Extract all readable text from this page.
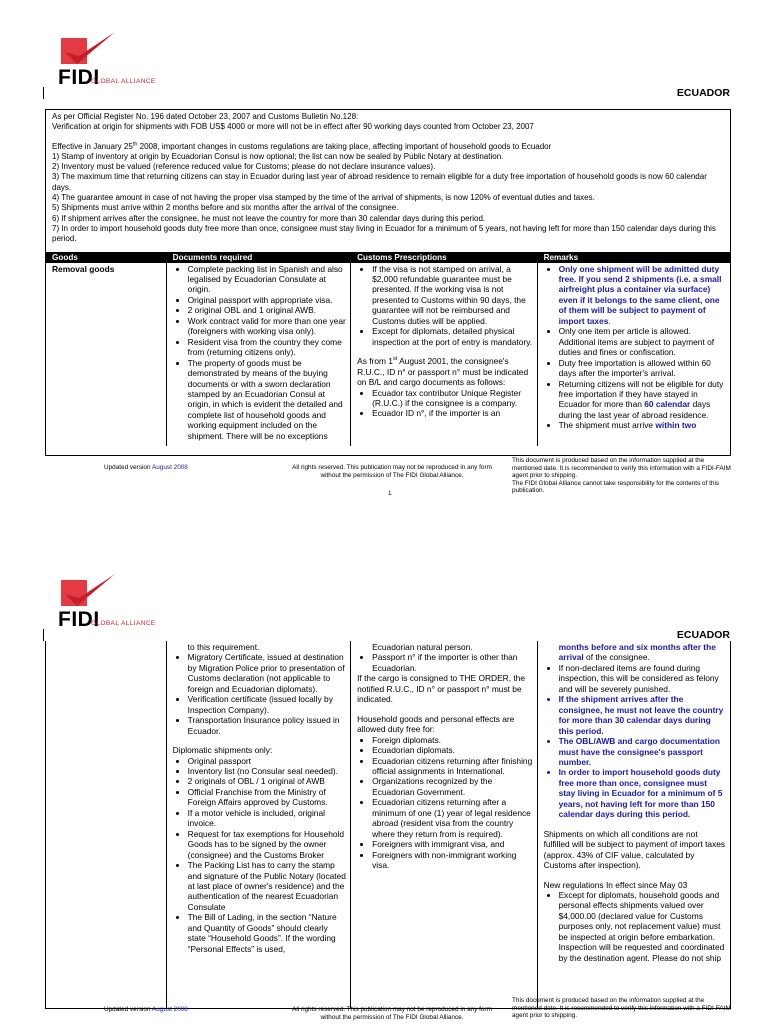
FIDI
GLOBAL ALLIANCE
ECUADOR

As per Official Register No. 196 dated October 23, 2007 and Customs Bulletin No.128:

Verification at origin for shipments with FOB US$ 4000 or more will not be in effect after 90 working days counted from October 23, 2007

Effective in January 25th 2008, important changes in customs regulations are taking place, affecting important of household goods to Ecuador

1) Stamp of inventory at origin by Ecuadorian Consul is now optional; the list can now be sealed by Public Notary at destination.

2) Inventory must be valued (reference reduced value for Customs; please do not declare insurance values).

3) The maximum time that returning citizens can stay in Ecuador during last year of abroad residence to remain eligible for a duty free importation of household goods is now 60 calendar days.

4) The guarantee amount in case of not having the proper visa stamped by the time of the arrival of shipments, is now 120% of eventual duties and taxes.

5) Shipments must arrive within 2 months before and six months after the arrival of the consignee.

6) If shipment arrives after the consignee, he must not leave the country for more than 30 calendar days during this period.

7) In order to import household goods duty free more than once, consignee must stay living in Ecuador for a minimum of 5 years, not having left for more than 150 calendar days during this period.

Goods	Documents required	Customs Prescriptions	Remarks

Removal goods

•	Complete packing list in Spanish and also legalised by Ecuadorian Consulate at origin.
• Original passport with appropriate visa.
• 2 original OBL and 1 original AWB.
• Work contract valid for more than one year (foreigners with working visa only).
• Resident visa from the country they come from (returning citizens only).
• The property of goods must be demonstrated by means of the buying documents or with a sworn declaration stamped by an Ecuadorian Consul at origin, in which is evident the detailed and complete list of household goods and working equipment included on the shipment. There will be no exceptions
• If the visa is not stamped on arrival, a $2,000 refundable guarantee must be presented. If the working visa is not presented to Customs within 90 days, the guarantee will not be reimbursed and Customs duties will be applied.
• Except for diplomats, detailed physical inspection at the port of entry is mandatory.

As from 1st August 2001, the consignee's R.U.C., ID n° or passport n° must be indicated on B/L and cargo documents as follows:

• Ecuador tax contributor Unique Register (R.U.C.) if the consignee is a company.
• Ecuador ID n°, if the importer is an
• Only one shipment will be admitted duty free. If you send 2 shipments (i.e. a small airfreight plus a container via surface) even if it belongs to the same client, one of them will be subject to payment of import taxes.
• Only one item per article is allowed. Additional items are subject to payment of duties and fines or confiscation.
• Duty free importation is allowed within 60 days after the importer's arrival.
• Returning citizens will not be eligible for duty free importation if they have stayed in Ecuador for more than 60 calendar days during the last year of abroad residence.
• The shipment must arrive within two
Updated version August 2008	All rights reserved. This publication may not be reproduced in any form without the permission of The FIDI Global Alliance.
This document is produced based on the information supplied at the mentioned date. It is recommended to verify this information with a FIDI-FAIM agent prior to shipping.
The FIDI Global Alliance cannot take responsibility for the contents of this publication.
1
FIDI
GLOBAL ALLIANCE
ECUADOR

to this requirement.

• Migratory Certificate, issued at destination by Migration Police prior to presentation of Customs declaration (not applicable to foreign and Ecuadorian diplomats).
• Verification certificate (issued locally by Inspection Company).
• Transportation Insurance policy issued in Ecuador.

Diplomatic shipments only:

• Original passport
• Inventory list (no Consular seal needed).
• 2 originals of OBL / 1 original of AWB
• Official Franchise from the Ministry of Foreign Affairs approved by Customs.
• If a motor vehicle is included, original invoice.
• Request for tax exemptions for Household Goods has to be signed by the owner (consignee) and the Customs Broker
• The Packing List has to carry the stamp and signature of the Public Notary (located at last place of owner's residence) and the authentication of the nearest Ecuadorian Consulate
• The Bill of Lading, in the section “Nature and Quantity of Goods” should clearly state “Household Goods”. If the wording “Personal Effects” is used,

Ecuadorian natural person.

• Passport n° if the importer is other than Ecuadorian.

If the cargo is consigned to THE ORDER, the notified R.U.C., ID n° or passport n° must be indicated.

Household goods and personal effects are allowed duty free for:

• Foreign diplomats.
• Ecuadorian diplomats.
• Ecuadorian citizens returning after finishing official assignments in International.
• Organizations recognized by the Ecuadorian Government.
• Ecuadorian citizens returning after a minimum of one (1) year of legal residence abroad (resident visa from the country where they return from is required).
• Foreigners with immigrant visa, and
• Foreigners with non-immigrant working visa.

months before and six months after the arrival of the consignee.

• If non-declared items are found during inspection, this will be considered as felony and will be severely punished.
• If the shipment arrives after the consignee, he must not leave the country for more than 30 calendar days during this period.
• The OBL/AWB and cargo documentation must have the consignee's passport number.
• In order to import household goods duty free more than once, consignee must stay living in Ecuador for a minimum of 5 years, not having left for more than 150 calendar days during this period.

Shipments on which all conditions are not fulfilled will be subject to payment of import taxes (approx. 43% of CIF value, calculated by Customs after inspection).

New regulations In effect since May 03

• Except for diplomats, household goods and personal effects shipments valued over $4,000.00 (declared value for Customs purposes only, not replacement value) must be inspected at origin before embarkation. Inspection will be requested and coordinated by the destination agent. Please do not ship
Updated version August 2008	All rights reserved. This publication may not be reproduced in any form without the permission of The FIDI Global Alliance.
This document is produced based on the information supplied at the mentioned date. It is recommended to verify this information with a FIDI-FAIM agent prior to shipping.
